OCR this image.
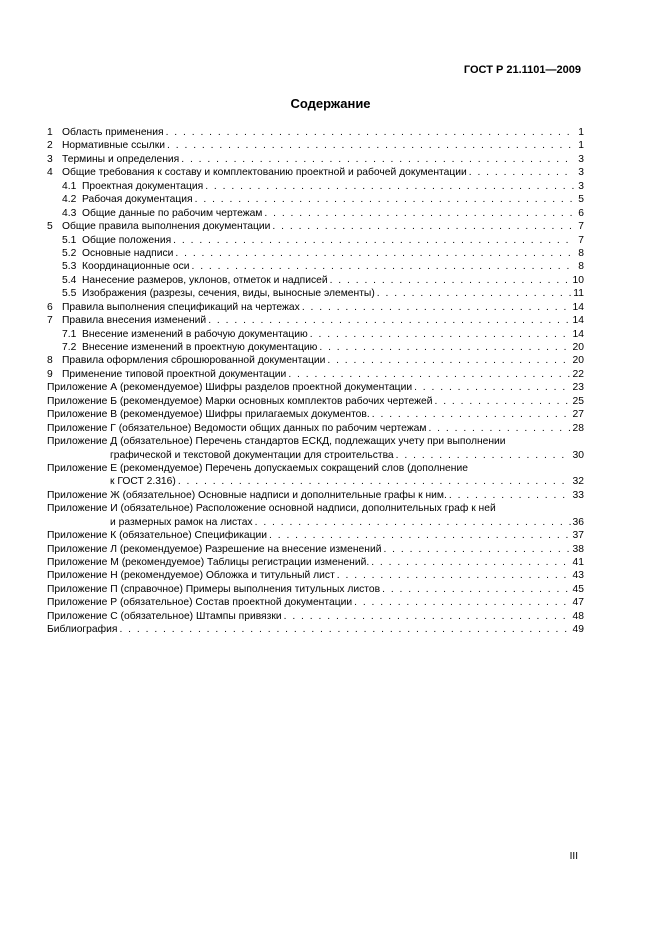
ГОСТ Р 21.1101—2009
Содержание
1 Область применения . . .	1
2 Нормативные ссылки . . .	1
3 Термины и определения . . .	3
4 Общие требования к составу и комплектованию проектной и рабочей документации . . .	3
4.1 Проектная документация . . .	3
4.2 Рабочая документация . . .	5
4.3 Общие данные по рабочим чертежам . . .	6
5 Общие правила выполнения документации . . .	7
5.1 Общие положения . . .	7
5.2 Основные надписи . . .	8
5.3 Координационные оси . . .	8
5.4 Нанесение размеров, уклонов, отметок и надписей . . .	10
5.5 Изображения (разрезы, сечения, виды, выносные элементы) . . .	11
6 Правила выполнения спецификаций на чертежах . . .	14
7 Правила внесения изменений . . .	14
7.1 Внесение изменений в рабочую документацию . . .	14
7.2 Внесение изменений в проектную документацию . . .	20
8 Правила оформления сброшюрованной документации . . .	20
9 Применение типовой проектной документации . . .	22
Приложение А (рекомендуемое) Шифры разделов проектной документации . . .	23
Приложение Б (рекомендуемое) Марки основных комплектов рабочих чертежей . . .	25
Приложение В (рекомендуемое) Шифры прилагаемых документов. . . .	27
Приложение Г (обязательное) Ведомости общих данных по рабочим чертежам . . .	28
Приложение Д (обязательное) Перечень стандартов ЕСКД, подлежащих учету при выполнении
графической и текстовой документации для строительства . . .	30
Приложение Е (рекомендуемое) Перечень допускаемых сокращений слов (дополнение
к ГОСТ 2.316) . . .	32
Приложение Ж (обязательное) Основные надписи и дополнительные графы к ним. . . .	33
Приложение И (обязательное) Расположение основной надписи, дополнительных граф к ней
и размерных рамок на листах . . .	36
Приложение К (обязательное) Спецификации . . .	37
Приложение Л (рекомендуемое) Разрешение на внесение изменений . . .	38
Приложение М (рекомендуемое) Таблицы регистрации изменений. . . .	41
Приложение Н (рекомендуемое) Обложка и титульный лист . . .	43
Приложение П (справочное) Примеры выполнения титульных листов . . .	45
Приложение Р (обязательное) Состав проектной документации . . .	47
Приложение С (обязательное) Штампы привязки . . .	48
Библиография . . .	49
III
